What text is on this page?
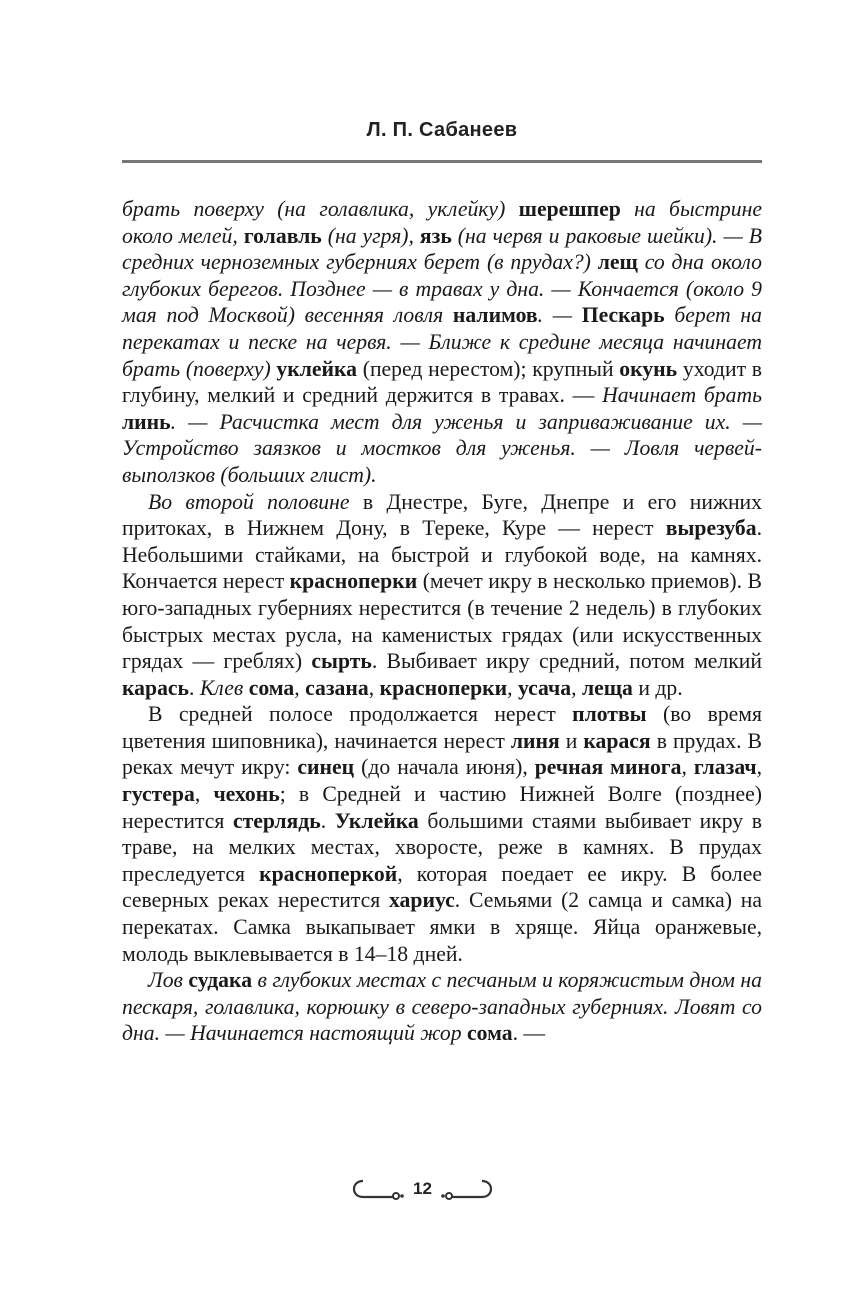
Л. П. Сабанеев

брать поверху (на голавлика, уклейку) шерешпер на быстрине около мелей, голавль (на угря), язь (на червя и раковые шейки). — В средних черноземных губерниях берет (в прудах?) лещ со дна около глубоких берегов. Позднее — в травах у дна. — Кончается (около 9 мая под Москвой) весенняя ловля налимов. — Пескарь берет на перекатах и песке на червя. — Ближе к средине месяца начинает брать (поверху) уклейка (перед нерестом); крупный окунь уходит в глубину, мелкий и средний держится в травах. — Начинает брать линь. — Расчистка мест для уженья и заприваживание их. — Устройство заязков и мостков для уженья. — Ловля червей-выползков (больших глист).

Во второй половине в Днестре, Буге, Днепре и его нижних притоках, в Нижнем Дону, в Тереке, Куре — нерест вырезуба. Небольшими стайками, на быстрой и глубокой воде, на камнях. Кончается нерест красноперки (мечет икру в несколько приемов). В юго-западных губерниях нерестится (в течение 2 недель) в глубоких быстрых местах русла, на каменистых грядах (или искусственных грядах — греблях) сырть. Выбивает икру средний, потом мелкий карась. Клев сома, сазана, красноперки, усача, леща и др.

В средней полосе продолжается нерест плотвы (во время цветения шиповника), начинается нерест линя и карася в прудах. В реках мечут икру: синец (до начала июня), речная минога, глазач, густера, чехонь; в Средней и частию Нижней Волге (позднее) нерестится стерлядь. Уклейка большими стаями выбивает икру в траве, на мелких местах, хворосте, реже в камнях. В прудах преследуется красноперкой, которая поедает ее икру. В более северных реках нерестится хариус. Семьями (2 самца и самка) на перекатах. Самка выкапывает ямки в хряще. Яйца оранжевые, молодь выклевывается в 14–18 дней.

Лов судака в глубоких местах с песчаным и коряжистым дном на пескаря, голавлика, корюшку в северо-западных губерниях. Ловят со дна. — Начинается настоящий жор сома. —

12
